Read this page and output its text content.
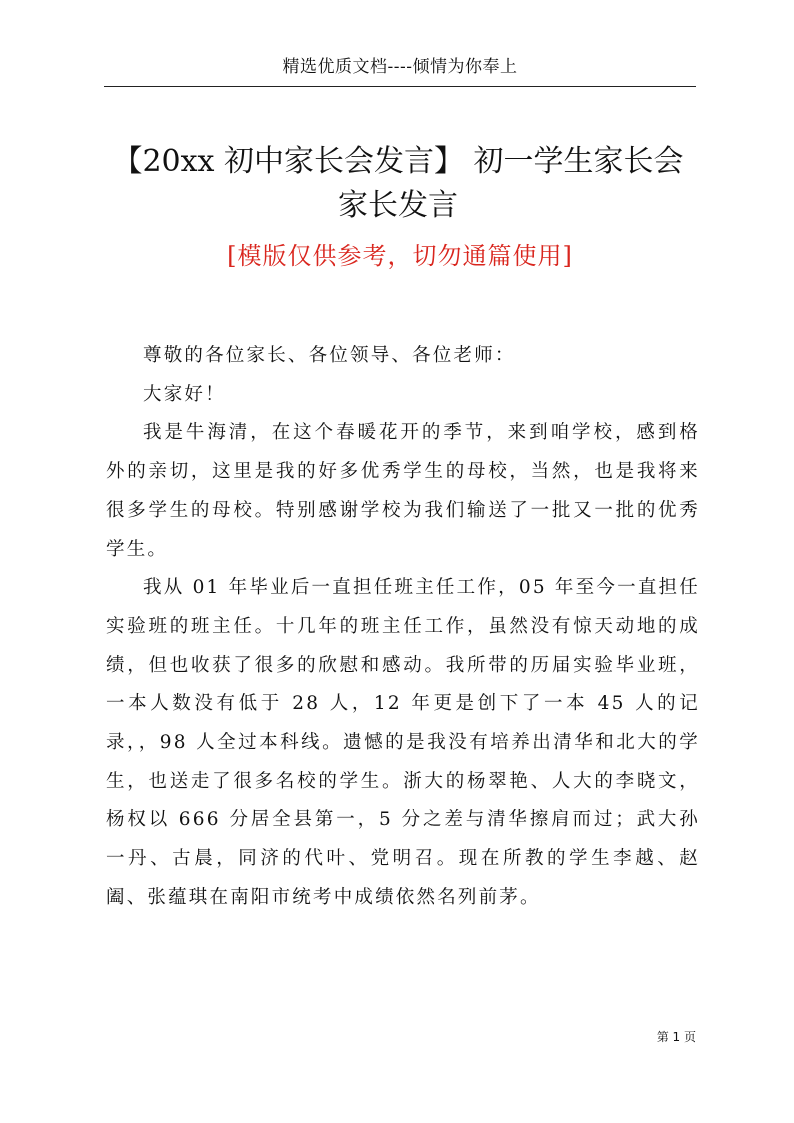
精选优质文档----倾情为你奉上
【20xx 初中家长会发言】 初一学生家长会家长发言
[模版仅供参考，切勿通篇使用]

尊敬的各位家长、各位领导、各位老师：

大家好！

我是牛海清，在这个春暖花开的季节，来到咱学校，感到格外的亲切，这里是我的好多优秀学生的母校，当然，也是我将来很多学生的母校。特别感谢学校为我们输送了一批又一批的优秀学生。

我从 01 年毕业后一直担任班主任工作，05 年至今一直担任实验班的班主任。十几年的班主任工作，虽然没有惊天动地的成绩，但也收获了很多的欣慰和感动。我所带的历届实验毕业班，一本人数没有低于 28 人，12 年更是创下了一本 45 人的记录，，98 人全过本科线。遗憾的是我没有培养出清华和北大的学生，也送走了很多名校的学生。浙大的杨翠艳、人大的李晓文，杨权以 666 分居全县第一，5 分之差与清华擦肩而过；武大孙一丹、古晨，同济的代叶、党明召。现在所教的学生李越、赵阖、张蕴琪在南阳市统考中成绩依然名列前茅。

第 1 页
